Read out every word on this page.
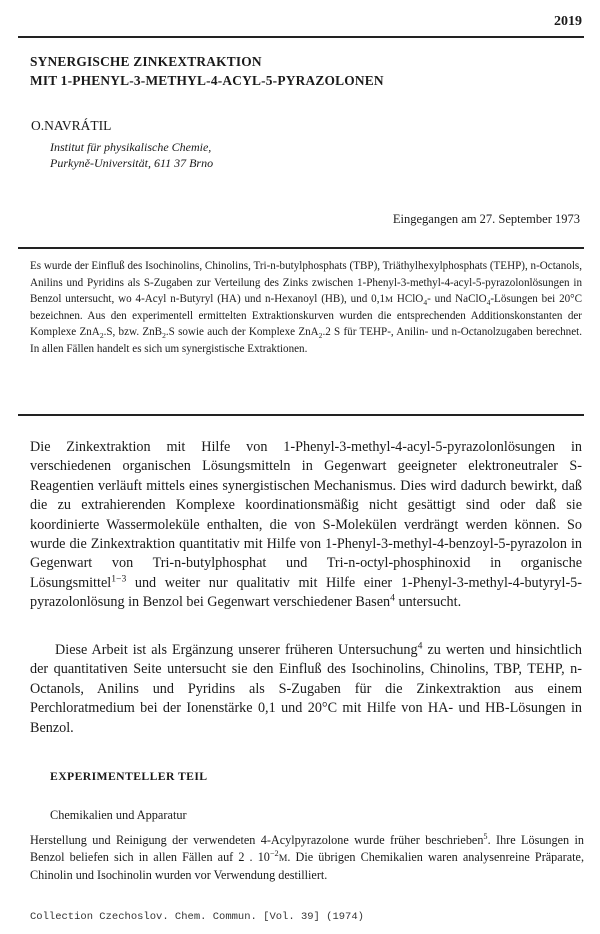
2019
SYNERGISCHE ZINKEXTRAKTION
MIT 1-PHENYL-3-METHYL-4-ACYL-5-PYRAZOLONEN
O.NAVRÁTIL
Institut für physikalische Chemie,
Purkyně-Universität, 611 37 Brno
Eingegangen am 27. September 1973
Es wurde der Einfluß des Isochinolins, Chinolins, Tri-n-butylphosphats (TBP), Triäthylhexylphosphats (TEHP), n-Octanols, Anilins und Pyridins als S-Zugaben zur Verteilung des Zinks zwischen 1-Phenyl-3-methyl-4-acyl-5-pyrazolonlösungen in Benzol untersucht, wo 4-Acyl n-Butyryl (HA) und n-Hexanoyl (HB), und 0,1M HClO$_4$- und NaClO$_4$-Lösungen bei 20°C bezeichnen. Aus den experimentell ermittelten Extraktionskurven wurden die entsprechenden Additionskonstanten der Komplexe ZnA$_2$.S, bzw. ZnB$_2$.S sowie auch der Komplexe ZnA$_2$.2 S für TEHP-, Anilin- und n-Octanolzugaben berechnet. In allen Fällen handelt es sich um synergistische Extraktionen.

Die Zinkextraktion mit Hilfe von 1-Phenyl-3-methyl-4-acyl-5-pyrazolonlösungen in verschiedenen organischen Lösungsmitteln in Gegenwart geeigneter elektroneutraler S-Reagentien verläuft mittels eines synergistischen Mechanismus. Dies wird dadurch bewirkt, daß die zu extrahierenden Komplexe koordinationsmäßig nicht gesättigt sind oder daß sie koordinierte Wassermoleküle enthalten, die von S-Molekülen verdrängt werden können. So wurde die Zinkextraktion quantitativ mit Hilfe von 1-Phenyl-3-methyl-4-benzoyl-5-pyrazolon in Gegenwart von Tri-n-butylphosphat und Tri-n-octyl-phosphinoxid in organische Lösungsmittel$^{1-3}$ und weiter nur qualitativ mit Hilfe einer 1-Phenyl-3-methyl-4-butyryl-5-pyrazolonlösung in Benzol bei Gegenwart verschiedener Basen$^4$ untersucht.

Diese Arbeit ist als Ergänzung unserer früheren Untersuchung$^4$ zu werten und hinsichtlich der quantitativen Seite untersucht sie den Einfluß des Isochinolins, Chinolins, TBP, TEHP, n-Octanols, Anilins und Pyridins als S-Zugaben für die Zinkextraktion aus einem Perchloratmedium bei der Ionenstärke 0,1 und 20°C mit Hilfe von HA- und HB-Lösungen in Benzol.

EXPERIMENTELLER TEIL
Chemikalien und Apparatur

Herstellung und Reinigung der verwendeten 4-Acylpyrazolone wurde früher beschrieben$^5$. Ihre Lösungen in Benzol beliefen sich in allen Fällen auf 2 . $10^{-2}M$. Die übrigen Chemikalien waren analysenreine Präparate, Chinolin und Isochinolin wurden vor Verwendung destilliert.

Collection Czechoslov. Chem. Commun. [Vol. 39] (1974)
